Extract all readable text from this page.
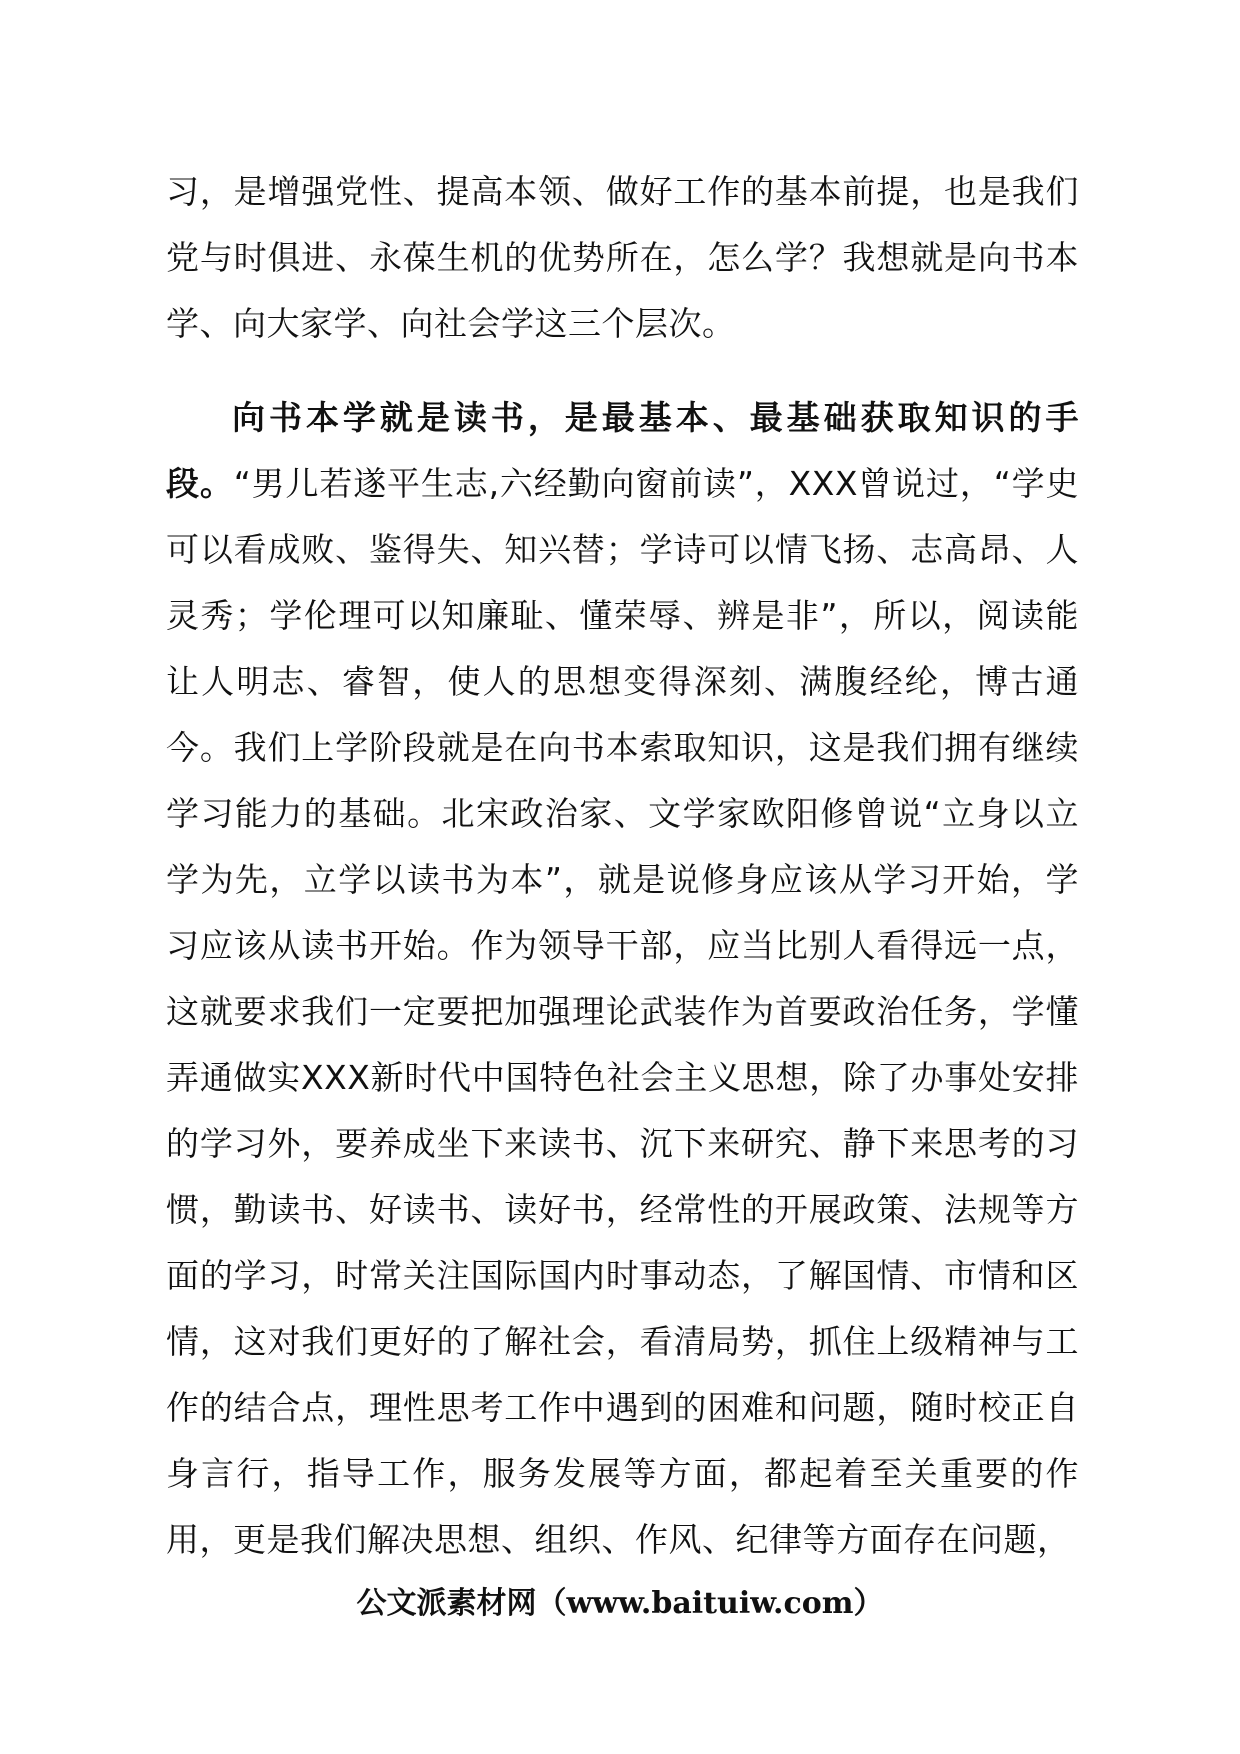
习，是增强党性、提高本领、做好工作的基本前提，也是我们党与时俱进、永葆生机的优势所在，怎么学？我想就是向书本学、向大家学、向社会学这三个层次。

向书本学就是读书，是最基本、最基础获取知识的手段。“男儿若遂平生志,六经勤向窗前读”，XXX曾说过，“学史可以看成败、鉴得失、知兴替；学诗可以情飞扬、志高昂、人灵秀；学伦理可以知廉耻、懂荣辱、辨是非”，所以，阅读能让人明志、睿智，使人的思想变得深刻、满腹经纶，博古通今。我们上学阶段就是在向书本索取知识，这是我们拥有继续学习能力的基础。北宋政治家、文学家欧阳修曾说“立身以立学为先，立学以读书为本”，就是说修身应该从学习开始，学习应该从读书开始。作为领导干部，应当比别人看得远一点，这就要求我们一定要把加强理论武装作为首要政治任务，学懂弄通做实XXX新时代中国特色社会主义思想，除了办事处安排的学习外，要养成坐下来读书、沉下来研究、静下来思考的习惯，勤读书、好读书、读好书，经常性的开展政策、法规等方面的学习，时常关注国际国内时事动态，了解国情、市情和区情，这对我们更好的了解社会，看清局势，抓住上级精神与工作的结合点，理性思考工作中遇到的困难和问题，随时校正自身言行，指导工作，服务发展等方面，都起着至关重要的作用，更是我们解决思想、组织、作风、纪律等方面存在问题，

公文派素材网（www.baituiw.com）
